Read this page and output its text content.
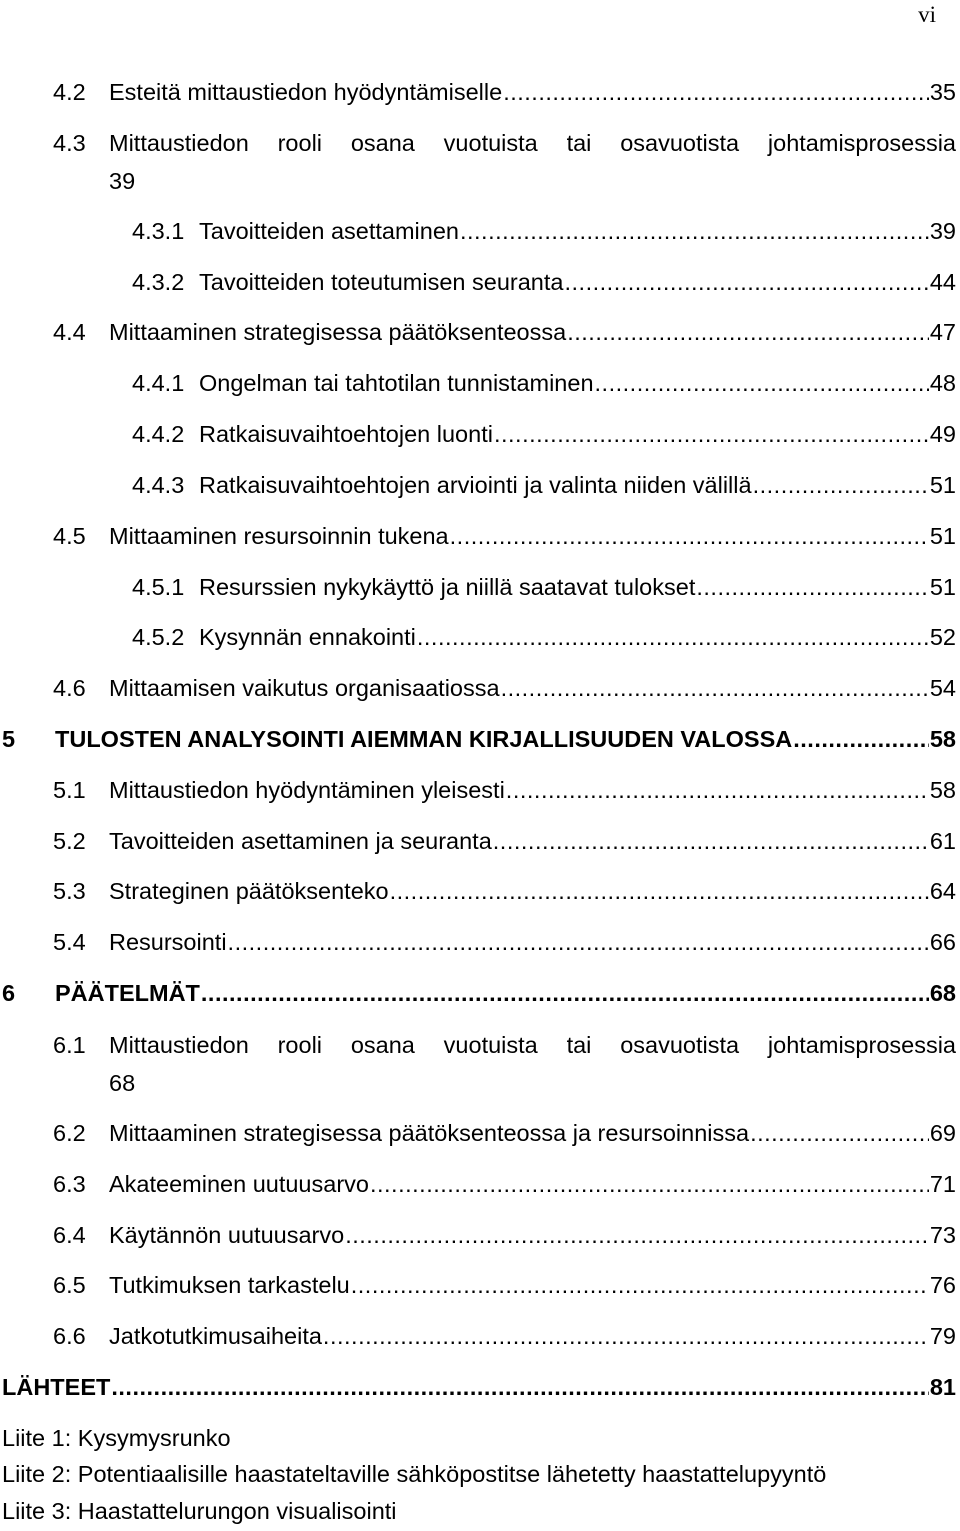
vi
4.2 Esteitä mittaustiedon hyödyntämiselle .....	35
4.3 Mittaustiedon rooli osana vuotuista tai osavuotista johtamisprosessia
39
4.3.1 Tavoitteiden asettaminen .....	39
4.3.2 Tavoitteiden toteutumisen seuranta .....	44
4.4 Mittaaminen strategisessa päätöksenteossa .....	47
4.4.1 Ongelman tai tahtotilan tunnistaminen .....	48
4.4.2 Ratkaisuvaihtoehtojen luonti .....	49
4.4.3 Ratkaisuvaihtoehtojen arviointi ja valinta niiden välillä .....	51
4.5 Mittaaminen resursoinnin tukena .....	51
4.5.1 Resurssien nykykäyttö ja niillä saatavat tulokset .....	51
4.5.2 Kysynnän ennakointi .....	52
4.6 Mittaamisen vaikutus organisaatiossa .....	54
5	TULOSTEN ANALYSOINTI AIEMMAN KIRJALLISUUDEN VALOSSA .....	58
5.1 Mittaustiedon hyödyntäminen yleisesti .....	58
5.2 Tavoitteiden asettaminen ja seuranta .....	61
5.3 Strateginen päätöksenteko .....	64
5.4 Resursointi .....	66
6	PÄÄTELMÄT .....	68
6.1 Mittaustiedon rooli osana vuotuista tai osavuotista johtamisprosessia
68
6.2 Mittaaminen strategisessa päätöksenteossa ja resursoinnissa .....	69
6.3 Akateeminen uutuusarvo .....	71
6.4 Käytännön uutuusarvo .....	73
6.5 Tutkimuksen tarkastelu .....	76
6.6 Jatkotutkimusaiheita .....	79
LÄHTEET .....	81
Liite 1: Kysymysrunko
Liite 2: Potentiaalisille haastateltaville sähköpostitse lähetetty haastattelupyyntö
Liite 3: Haastattelurungon visualisointi
